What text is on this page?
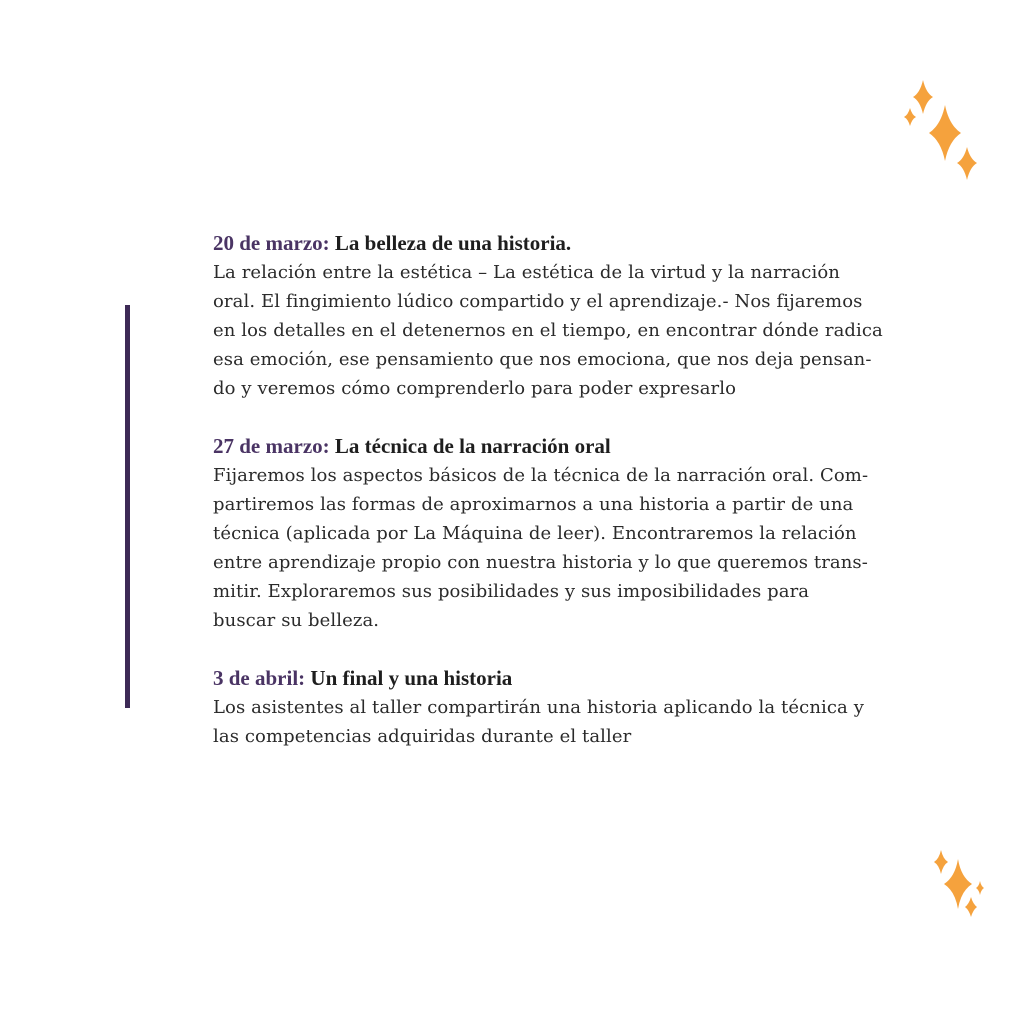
20 de marzo: La belleza de una historia.

La relación entre la estética – La estética de la virtud y la narración
oral. El fingimiento lúdico compartido y el aprendizaje.- Nos fijaremos
en los detalles en el detenernos en el tiempo, en encontrar dónde radica
esa emoción, ese pensamiento que nos emociona, que nos deja pensan-
do y veremos cómo comprenderlo para poder expresarlo

27 de marzo: La técnica de la narración oral

Fijaremos los aspectos básicos de la técnica de la narración oral. Com-
partiremos las formas de aproximarnos a una historia a partir de una
técnica (aplicada por La Máquina de leer). Encontraremos la relación
entre aprendizaje propio con nuestra historia y lo que queremos trans-
mitir. Exploraremos sus posibilidades y sus imposibilidades para
buscar su belleza.

3 de abril: Un final y una historia

Los asistentes al taller compartirán una historia aplicando la técnica y
las competencias adquiridas durante el taller
